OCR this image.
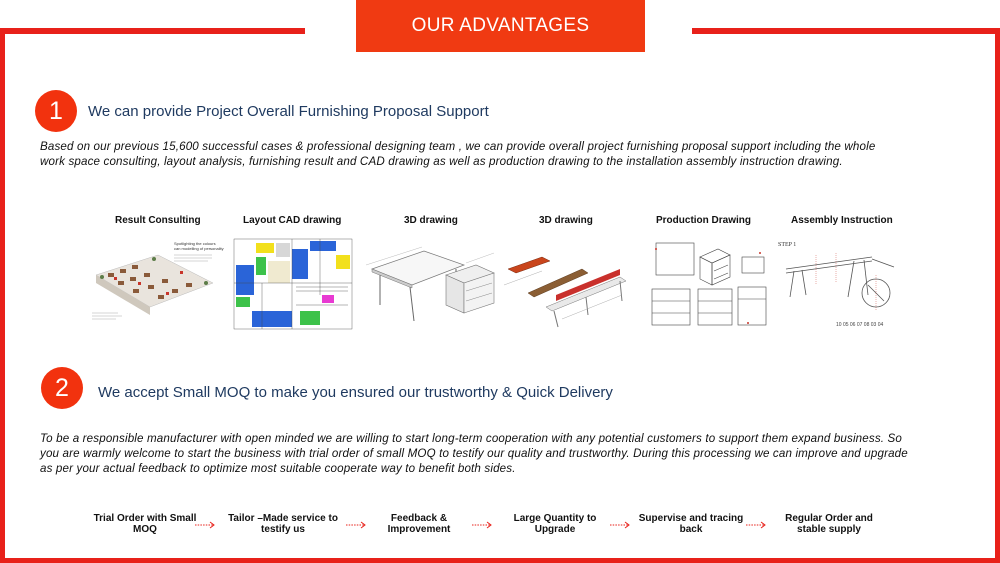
OUR ADVANTAGES
1 We can provide Project Overall Furnishing Proposal Support
Based on our previous 15,600 successful cases & professional designing team , we can provide overall project furnishing proposal support including the whole
work space consulting, layout analysis, furnishing result and CAD drawing as well as production drawing to the installation assembly instruction drawing.
Result Consulting	Layout CAD drawing	3D drawing	3D drawing	Production Drawing	Assembly Instruction
Spotlighting the colours
can modelling of personality
STEP 1
10 05 06 07 08 03 04
2 We accept Small MOQ to make you ensured our trustworthy & Quick Delivery
To be a responsible manufacturer with open minded we are willing to start long-term cooperation with any potential customers to support them expand business. So
you are warmly welcome to start the business with trial order of small MOQ to testify our quality and trustworthy. During this processing we can improve and upgrade
as per your actual feedback to optimize most suitable cooperate way to benefit both sides.
Trial Order with Small
MOQ
Tailor –Made service to
testify us
Feedback &
Improvement
Large Quantity to
Upgrade
Supervise and tracing
back
Regular Order and
stable supply
